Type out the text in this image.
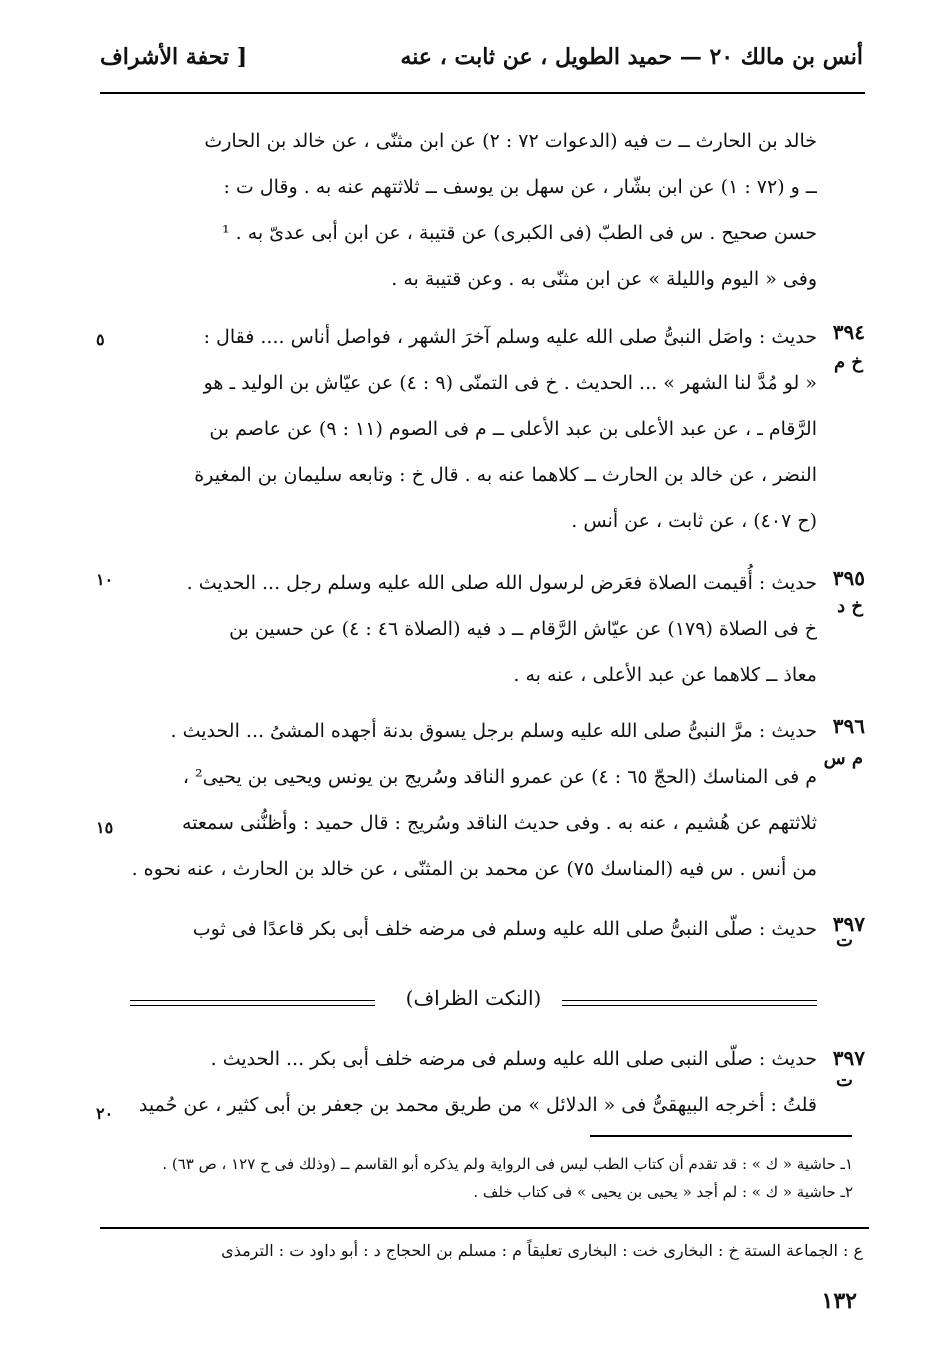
أنس بن مالك ٢٠ — حميد الطويل ، عن ثابت ، عنه
[ تحفة الأشراف
خالد بن الحارث ــ ت فيه (الدعوات ٧٢ : ٢) عن ابن مثنّى ، عن خالد بن الحارث
ــ و (٧٢ : ١) عن ابن بشّار ، عن سهل بن يوسف ــ ثلاثتهم عنه به . وقال ت :
حسن صحيح . س فى الطبّ (فى الكبرى) عن قتيبة ، عن ابن أبى عدىّ به . ¹
وفى « اليوم والليلة » عن ابن مثنّى به . وعن قتيبة به .
٣٩٤
خ م
٥	حديث : واصَل النبىُّ صلى الله عليه وسلم آخرَ الشهر ، فواصل أناس .... فقال :
« لو مُدَّ لنا الشهر » ... الحديث . خ فى التمنّى (٩ : ٤) عن عيّاش بن الوليد ـ هو
الرَّقام ـ ، عن عبد الأعلى بن عبد الأعلى ــ م فى الصوم (١١ : ٩) عن عاصم بن
النضر ، عن خالد بن الحارث ــ كلاهما عنه به . قال خ : وتابعه سليمان بن المغيرة
(ح ٤٠٧) ، عن ثابت ، عن أنس .
٣٩٥
خ د
١٠	حديث : أُقيمت الصلاة فعَرض لرسول الله صلى الله عليه وسلم رجل ... الحديث .
خ فى الصلاة (١٧٩) عن عيّاش الرَّقام ــ د فيه (الصلاة ٤٦ : ٤) عن حسين بن
معاذ ــ كلاهما عن عبد الأعلى ، عنه به .
٣٩٦
م س
١٥
حديث : مرَّ النبىُّ صلى الله عليه وسلم برجل يسوق بدنة أجهده المشىُ ... الحديث .
م فى المناسك (الحجّ ٦٥ : ٤) عن عمرو الناقد وسُريج بن يونس ويحيى بن يحيى² ،
ثلاثتهم عن هُشيم ، عنه به . وفى حديث الناقد وسُريج : قال حميد : وأظنُّنى سمعته
من أنس . س فيه (المناسك ٧٥) عن محمد بن المثنّى ، عن خالد بن الحارث ، عنه نحوه .
٣٩٧
ت
حديث : صلّى النبىُّ صلى الله عليه وسلم فى مرضه خلف أبى بكر قاعدًا فى ثوب
(النكت الظراف)
٣٩٧
ت
٢٠
حديث : صلّى النبى صلى الله عليه وسلم فى مرضه خلف أبى بكر ... الحديث .
قلتُ : أخرجه البيهقىُّ فى « الدلائل » من طريق محمد بن جعفر بن أبى كثير ، عن حُميد
١ـ حاشية « ك » : قد تقدم أن كتاب الطب ليس فى الرواية ولم يذكره أبو القاسم ــ (وذلك فى ح ١٢٧ ، ص ٦٣) .
٢ـ حاشية « ك » : لم أجد « يحيى بن يحيى » فى كتاب خلف .
ع : الجماعة الستة خ : البخارى خت : البخارى تعليقاً م : مسلم بن الحجاج د : أبو داود ت : الترمذى
١٣٢
